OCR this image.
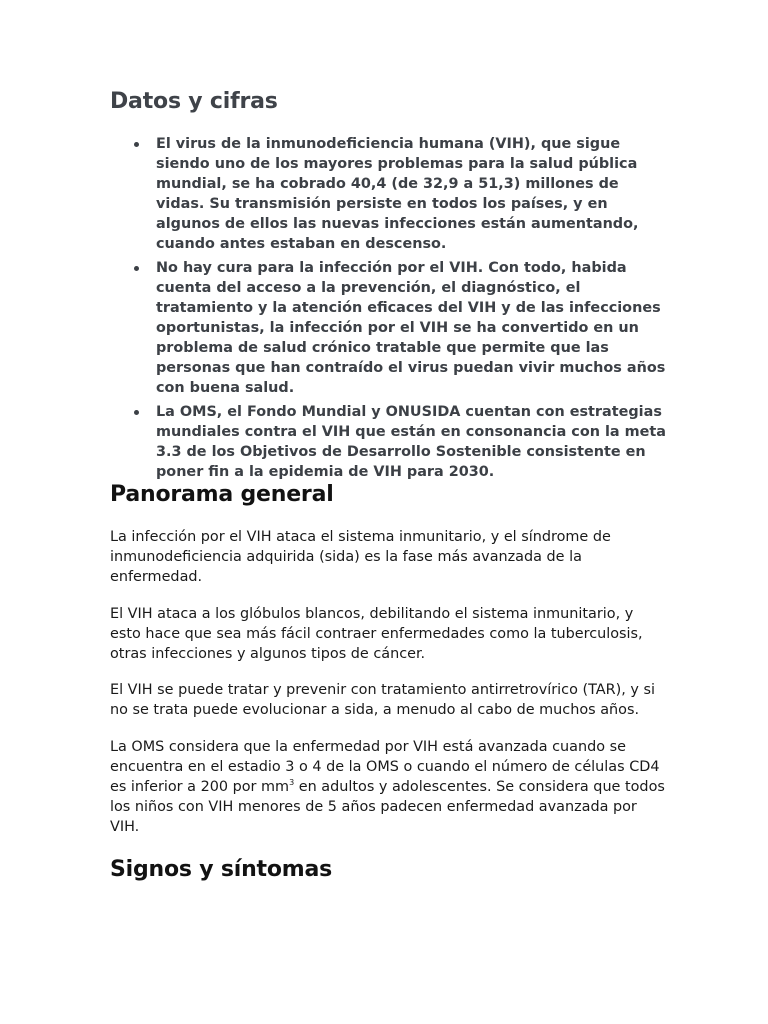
Datos y cifras
El virus de la inmunodeficiencia humana (VIH), que sigue siendo uno de los mayores problemas para la salud pública mundial, se ha cobrado 40,4 (de 32,9 a 51,3) millones de vidas. Su transmisión persiste en todos los países, y en algunos de ellos las nuevas infecciones están aumentando, cuando antes estaban en descenso.
No hay cura para la infección por el VIH. Con todo, habida cuenta del acceso a la prevención, el diagnóstico, el tratamiento y la atención eficaces del VIH y de las infecciones oportunistas, la infección por el VIH se ha convertido en un problema de salud crónico tratable que permite que las personas que han contraído el virus puedan vivir muchos años con buena salud.
La OMS, el Fondo Mundial y ONUSIDA cuentan con estrategias mundiales contra el VIH que están en consonancia con la meta 3.3 de los Objetivos de Desarrollo Sostenible consistente en poner fin a la epidemia de VIH para 2030.
Panorama general

La infección por el VIH ataca el sistema inmunitario, y el síndrome de inmunodeficiencia adquirida (sida) es la fase más avanzada de la enfermedad.

El VIH ataca a los glóbulos blancos, debilitando el sistema inmunitario, y esto hace que sea más fácil contraer enfermedades como la tuberculosis, otras infecciones y algunos tipos de cáncer.

El VIH se puede tratar y prevenir con tratamiento antirretrovírico (TAR), y si no se trata puede evolucionar a sida, a menudo al cabo de muchos años.

La OMS considera que la enfermedad por VIH está avanzada cuando se encuentra en el estadio 3 o 4 de la OMS o cuando el número de células CD4 es inferior a 200 por $mm^3$ en adultos y adolescentes. Se considera que todos los niños con VIH menores de 5 años padecen enfermedad avanzada por VIH.

Signos y síntomas
